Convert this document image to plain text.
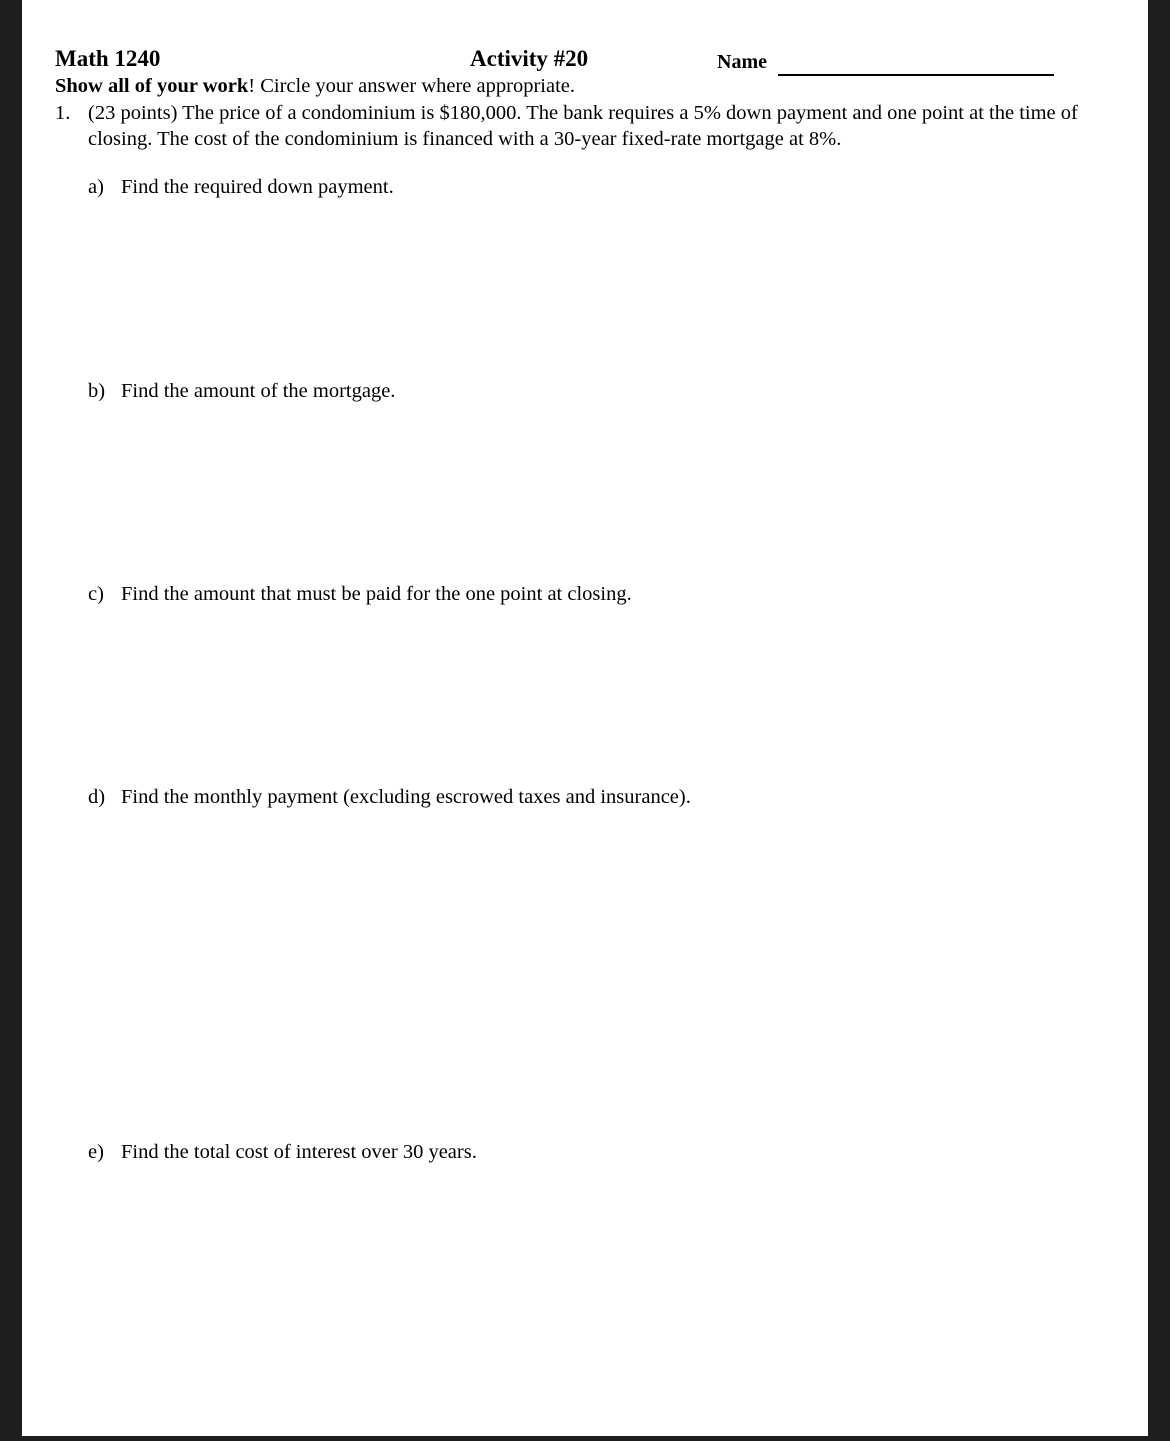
Math 1240	Activity #20	Name
Show all of your work! Circle your answer where appropriate.
1. (23 points) The price of a condominium is $180,000. The bank requires a 5% down payment and one point at the time of closing. The cost of the condominium is financed with a 30-year fixed-rate mortgage at 8%.
a) Find the required down payment.
b) Find the amount of the mortgage.
c) Find the amount that must be paid for the one point at closing.
d) Find the monthly payment (excluding escrowed taxes and insurance).
e) Find the total cost of interest over 30 years.
